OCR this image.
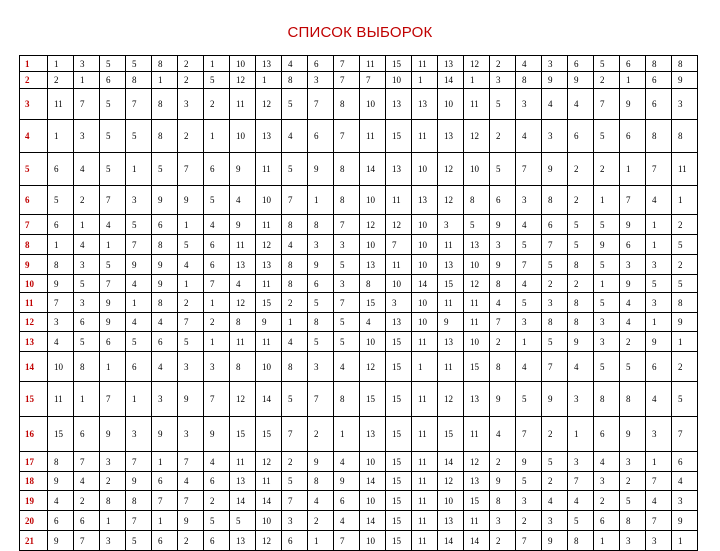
СПИСОК ВЫБОРОК
1	1	3	5	5	8	2	1	10	13	4	6	7	11	15	11	13	12	2	4	3	6	5	6	8	8
2	2	1	6	8	1	2	5	12	1	8	3	7	7	10	1	14	1	3	8	9	9	2	1	6	9
3	11	7	5	7	8	3	2	11	12	5	7	8	10	13	13	10	11	5	3	4	4	7	9	6	3
4	1	3	5	5	8	2	1	10	13	4	6	7	11	15	11	13	12	2	4	3	6	5	6	8	8
5	6	4	5	1	5	7	6	9	11	5	9	8	14	13	10	12	10	5	7	9	2	2	1	7	11
6	5	2	7	3	9	9	5	4	10	7	1	8	10	11	13	12	8	6	3	8	2	1	7	4	1
7	6	1	4	5	6	1	4	9	11	8	8	7	12	12	10	3	5	9	4	6	5	5	9	1	2
8	1	4	1	7	8	5	6	11	12	4	3	3	10	7	10	11	13	3	5	7	5	9	6	1	5
9	8	3	5	9	9	4	6	13	13	8	9	5	13	11	10	13	10	9	7	5	8	5	3	3	2
10	9	5	7	4	9	1	7	4	11	8	6	3	8	10	14	15	12	8	4	2	2	1	9	5	5
11	7	3	9	1	8	2	1	12	15	2	5	7	15	3	10	11	11	4	5	3	8	5	4	3	8
12	3	6	9	4	4	7	2	8	9	1	8	5	4	13	10	9	11	7	3	8	8	3	4	1	9
13	4	5	6	5	6	5	1	11	11	4	5	5	10	15	11	13	10	2	1	5	9	3	2	9	1
14	10	8	1	6	4	3	3	8	10	8	3	4	12	15	1	11	15	8	4	7	4	5	5	6	2
15	11	1	7	1	3	9	7	12	14	5	7	8	15	15	11	12	13	9	5	9	3	8	8	4	5
16	15	6	9	3	9	3	9	15	15	7	2	1	13	15	11	15	11	4	7	2	1	6	9	3	7
17	8	7	3	7	1	7	4	11	12	2	9	4	10	15	11	14	12	2	9	5	3	4	3	1	6
18	9	4	2	9	6	4	6	13	11	5	8	9	14	15	11	12	13	9	5	2	7	3	2	7	4
19	4	2	8	8	7	7	2	14	14	7	4	6	10	15	11	10	15	8	3	4	4	2	5	4	3
20	6	6	1	7	1	9	5	5	10	3	2	4	14	15	11	13	11	3	2	3	5	6	8	7	9
21	9	7	3	5	6	2	6	13	12	6	1	7	10	15	11	14	14	2	7	9	8	1	3	3	1
